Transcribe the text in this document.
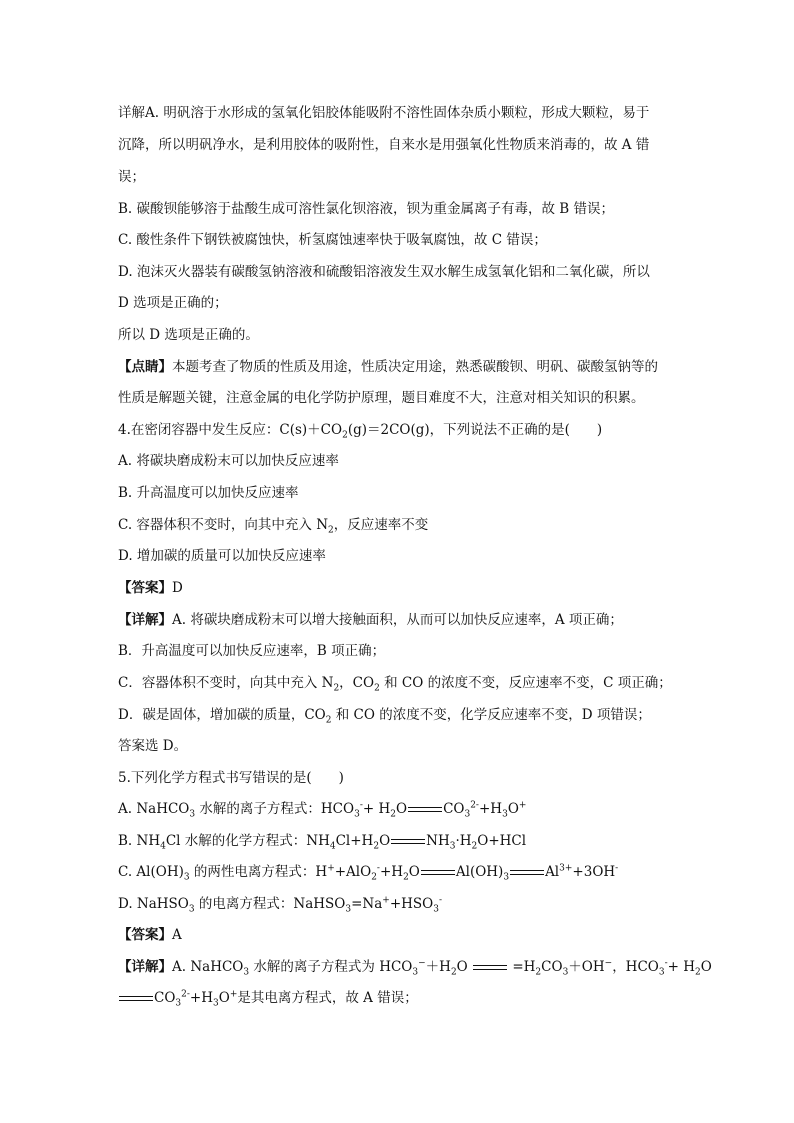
详解A. 明矾溶于水形成的氢氧化铝胶体能吸附不溶性固体杂质小颗粒，形成大颗粒，易于
沉降，所以明矾净水，是利用胶体的吸附性，自来水是用强氧化性物质来消毒的，故 A 错
误；
B. 碳酸钡能够溶于盐酸生成可溶性氯化钡溶液，钡为重金属离子有毒，故 B 错误；
C. 酸性条件下钢铁被腐蚀快，析氢腐蚀速率快于吸氧腐蚀，故 C 错误；
D. 泡沫灭火器装有碳酸氢钠溶液和硫酸铝溶液发生双水解生成氢氧化铝和二氧化碳，所以
D 选项是正确的；
所以 D 选项是正确的。
【点睛】本题考查了物质的性质及用途，性质决定用途，熟悉碳酸钡、明矾、碳酸氢钠等的
性质是解题关键，注意金属的电化学防护原理，题目难度不大，注意对相关知识的积累。
4.在密闭容器中发生反应：$C(s)+CO_2(g)=2CO(g)$，下列说法不正确的是(　　)
A. 将碳块磨成粉末可以加快反应速率
B. 升高温度可以加快反应速率
C. 容器体积不变时，向其中充入 $N_2$，反应速率不变
D. 增加碳的质量可以加快反应速率
【答案】D
【详解】A. 将碳块磨成粉末可以增大接触面积，从而可以加快反应速率，A 项正确；
B．升高温度可以加快反应速率，B 项正确；
C．容器体积不变时，向其中充入 $N_2$，$CO_2$ 和 CO 的浓度不变，反应速率不变，C 项正确；
D．碳是固体，增加碳的质量，$CO_2$ 和 CO 的浓度不变，化学反应速率不变，D 项错误；
答案选 D。
5.下列化学方程式书写错误的是(　　)
A. NaHCO$_3$ 水解的离子方程式：$HCO_3^-+ H_2O$	$CO_3^{2-}+H_3O^+$
B. $NH_4Cl$ 水解的化学方程式：$NH_4Cl+H_2O$	$NH_3\cdot H_2O+HCl$
C. $Al(OH)_3$ 的两性电离方程式：$H^++AlO_2^-+H_2O$	$Al(OH)_3$	$Al^{3+}+3OH^-$
D. NaHSO$_3$ 的电离方程式：$NaHSO_3=Na^++HSO_3^-$
【答案】A
【详解】A. NaHCO$_3$ 水解的离子方程式为 $HCO_3^-+H_2O$	$=H_2CO_3+OH^-$，$HCO_3^-+ H_2O$
$CO_3^{2-}+H_3O^+$是其电离方程式，故 A 错误；
